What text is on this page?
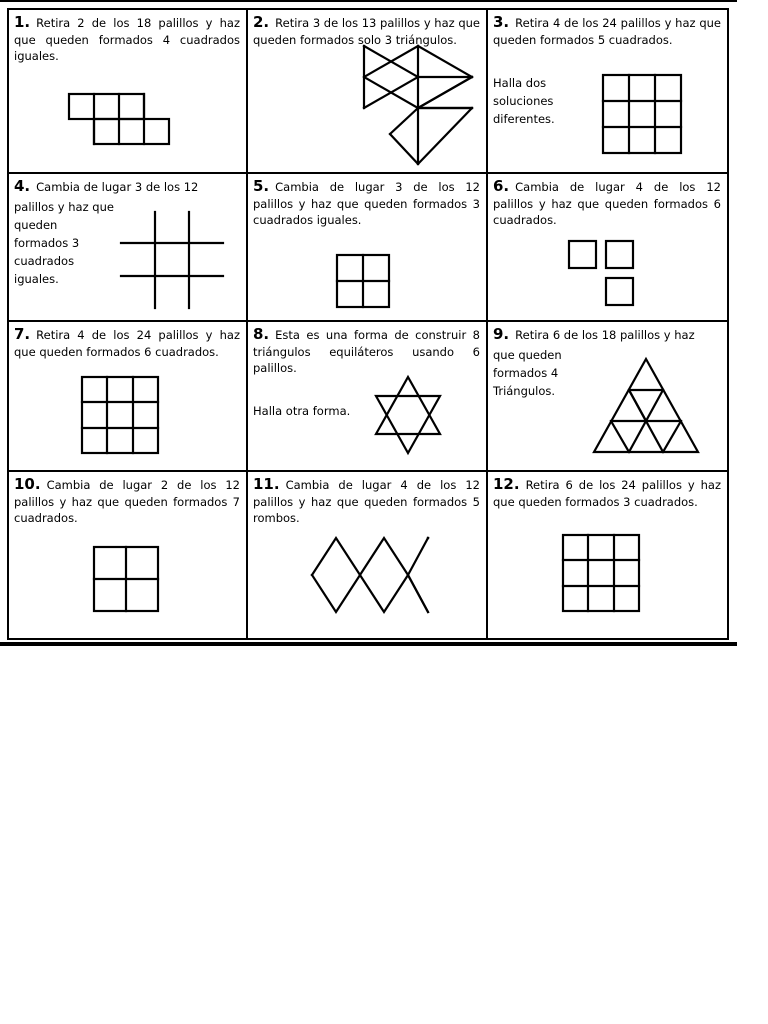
1. Retira 2 de los 18 palillos y haz que queden formados 4 cuadrados iguales.
2. Retira 3 de los 13 palillos y haz que queden formados solo 3 triángulos.
3. Retira 4 de los 24 palillos y haz que queden formados 5 cuadrados.
Halla dos
soluciones
diferentes.
4. Cambia de lugar 3 de los 12
palillos y haz que
queden
formados 3
cuadrados
iguales.
5. Cambia de lugar 3 de los 12 palillos y haz que queden formados 3 cuadrados iguales.
6. Cambia de lugar 4 de los 12 palillos y haz que queden formados 6 cuadrados.
7. Retira 4 de los 24 palillos y haz que queden formados 6 cuadrados.
8. Esta es una forma de construir 8 triángulos equiláteros usando 6 palillos.
Halla otra forma.
9. Retira 6 de los 18 palillos y haz
que queden
formados 4
Triángulos.
10. Cambia de lugar 2 de los 12 palillos y haz que queden formados 7 cuadrados.
11. Cambia de lugar 4 de los 12 palillos y haz que queden formados 5 rombos.
12. Retira 6 de los 24 palillos y haz que queden formados 3 cuadrados.
